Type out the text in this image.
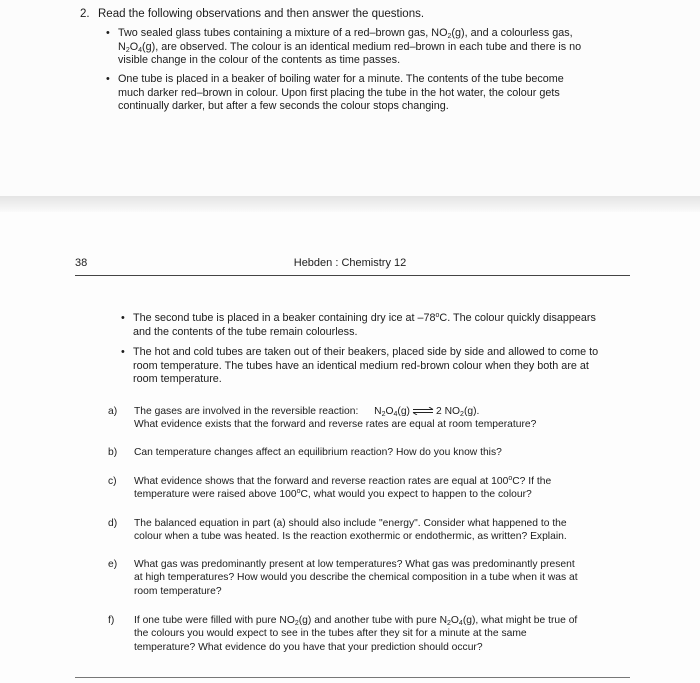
2. Read the following observations and then answer the questions.
• Two sealed glass tubes containing a mixture of a red–brown gas, $NO_2(g)$, and a colourless gas,
$N_2O_4(g)$, are observed. The colour is an identical medium red–brown in each tube and there is no
visible change in the colour of the contents as time passes.
• One tube is placed in a beaker of boiling water for a minute. The contents of the tube become
much darker red–brown in colour. Upon first placing the tube in the hot water, the colour gets
continually darker, but after a few seconds the colour stops changing.
38	Hebden : Chemistry 12
• The second tube is placed in a beaker containing dry ice at –78$^o$C. The colour quickly disappears
and the contents of the tube remain colourless.
• The hot and cold tubes are taken out of their beakers, placed side by side and allowed to come to
room temperature. The tubes have an identical medium red-brown colour when they both are at
room temperature.
a) The gases are involved in the reversible reaction: $N_2O_4(g)$ ⇌ 2 $NO_2(g)$.
What evidence exists that the forward and reverse rates are equal at room temperature?
b) Can temperature changes affect an equilibrium reaction? How do you know this?
c) What evidence shows that the forward and reverse reaction rates are equal at 100$^o$C? If the
temperature were raised above 100$^o$C, what would you expect to happen to the colour?
d) The balanced equation in part (a) should also include "energy". Consider what happened to the
colour when a tube was heated. Is the reaction exothermic or endothermic, as written? Explain.
e) What gas was predominantly present at low temperatures? What gas was predominantly present
at high temperatures? How would you describe the chemical composition in a tube when it was at
room temperature?
f) If one tube were filled with pure $NO_2(g)$ and another tube with pure $N_2O_4(g)$, what might be true of
the colours you would expect to see in the tubes after they sit for a minute at the same
temperature? What evidence do you have that your prediction should occur?
